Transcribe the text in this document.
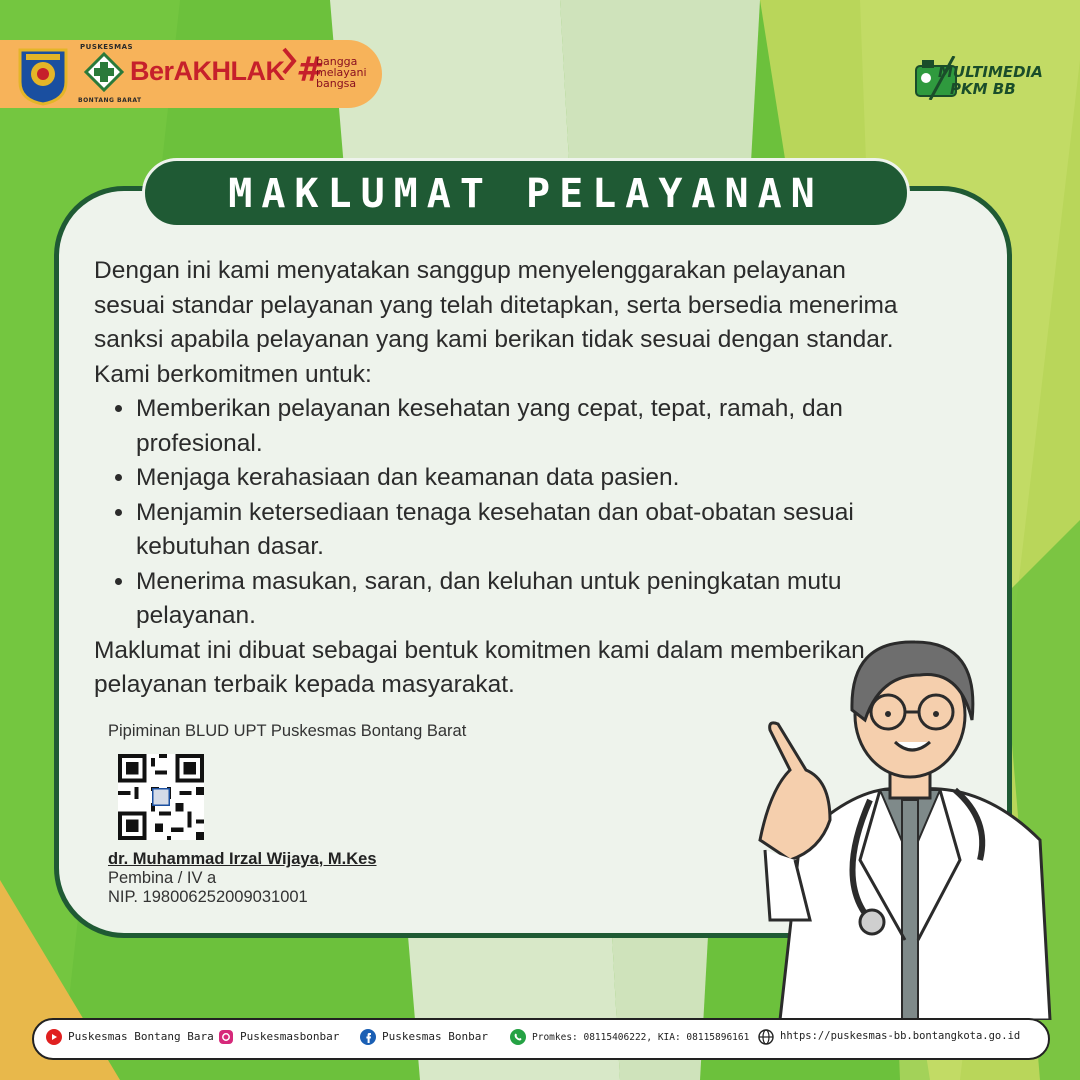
PUSKESMAS
BONTANG BARAT
BerAKHLAK #
bangga
melayani
bangsa
MULTIMEDIA
PKM BB
MAKLUMAT PELAYANAN

Dengan ini kami menyatakan sanggup menyelenggarakan pelayanan sesuai standar pelayanan yang telah ditetapkan, serta bersedia menerima sanksi apabila pelayanan yang kami berikan tidak sesuai dengan standar. Kami berkomitmen untuk:

• Memberikan pelayanan kesehatan yang cepat, tepat, ramah, dan profesional.
• Menjaga kerahasiaan dan keamanan data pasien.
• Menjamin ketersediaan tenaga kesehatan dan obat-obatan sesuai kebutuhan dasar.
• Menerima masukan, saran, dan keluhan untuk peningkatan mutu pelayanan.

Maklumat ini dibuat sebagai bentuk komitmen kami dalam memberikan pelayanan terbaik kepada masyarakat.

Pipiminan BLUD UPT Puskesmas Bontang Barat
dr. Muhammad Irzal Wijaya, M.Kes
Pembina / IV a
NIP. 198006252009031001
Puskesmas Bontang Bara Puskesmasbonbar	Puskesmas Bonbar	Promkes: 08115406222, KIA: 08115896161	hhtps://puskesmas-bb.bontangkota.go.id
